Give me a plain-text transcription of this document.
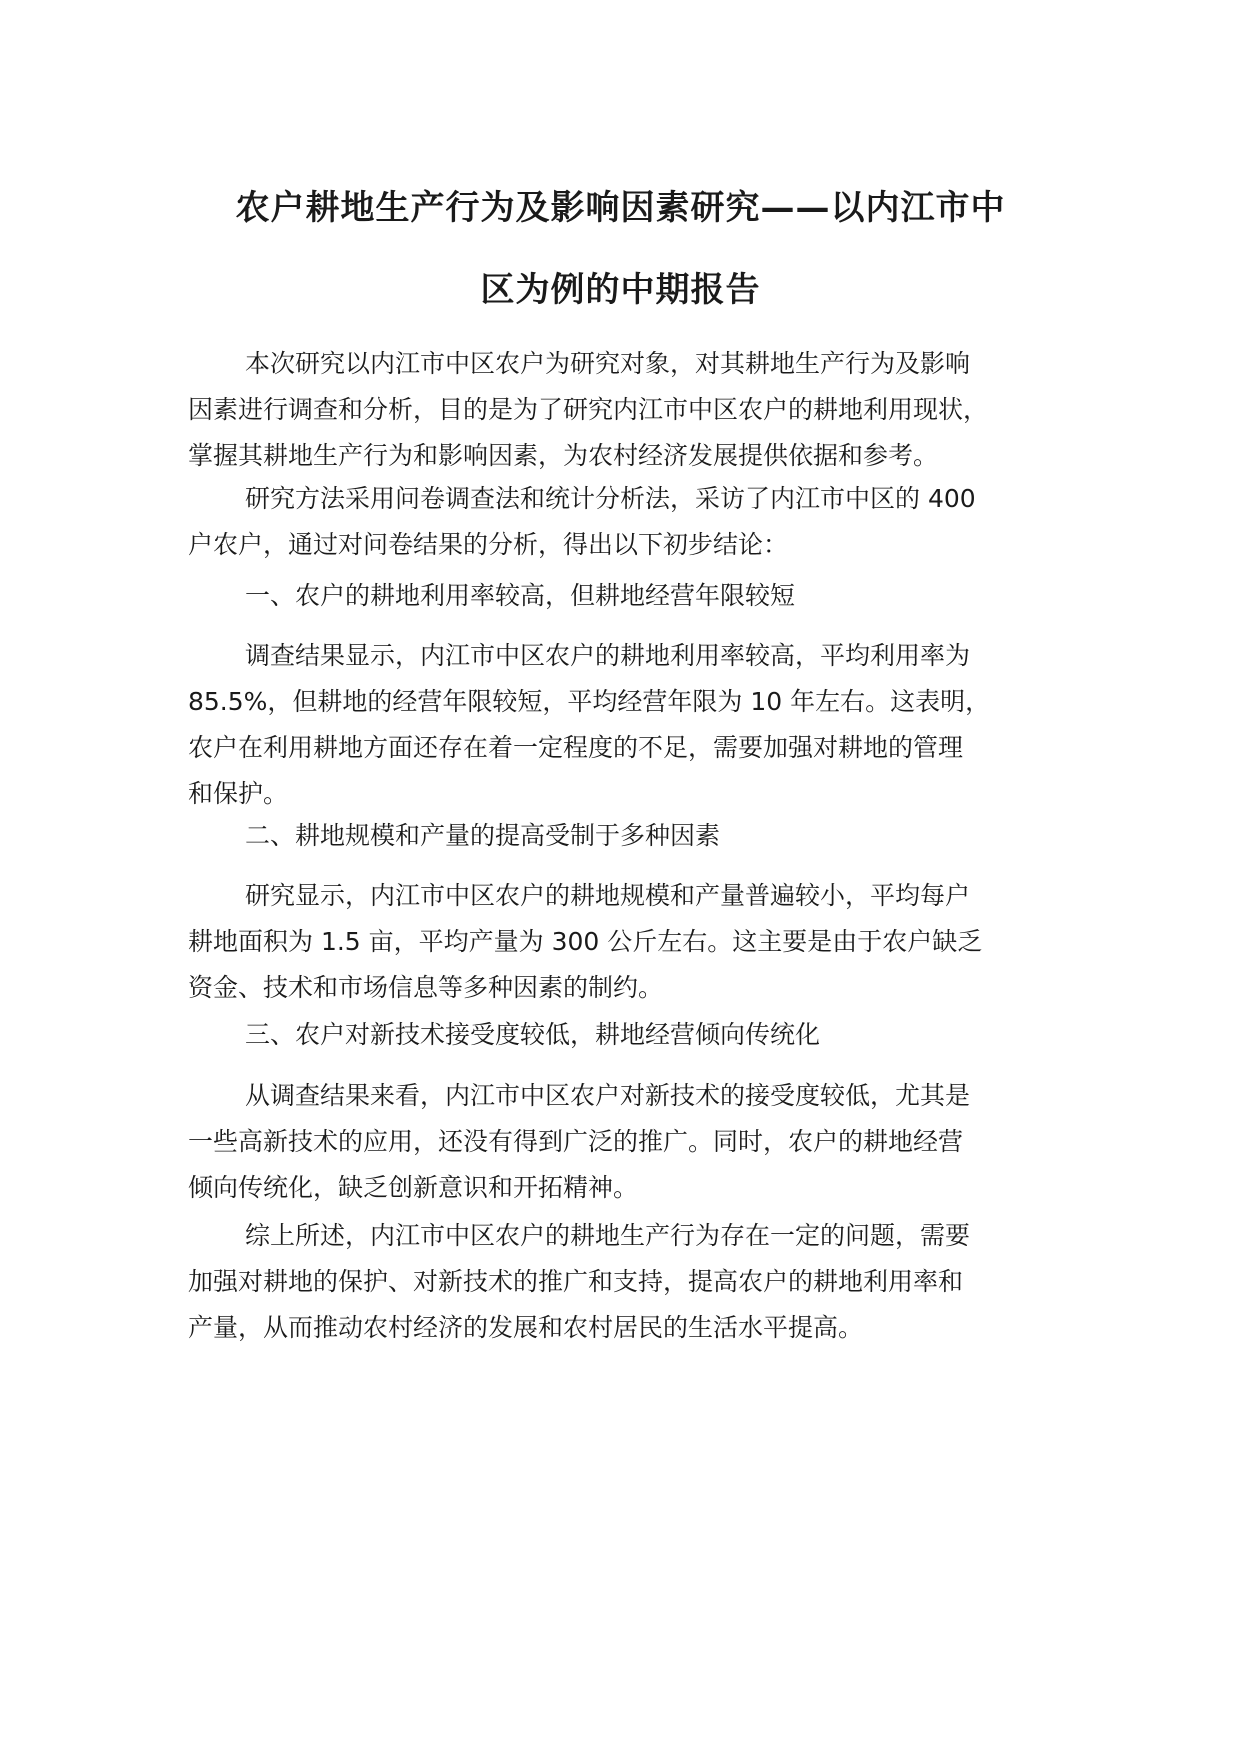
农户耕地生产行为及影响因素研究——以内江市中
区为例的中期报告
本次研究以内江市中区农户为研究对象，对其耕地生产行为及影响
因素进行调查和分析，目的是为了研究内江市中区农户的耕地利用现状，
掌握其耕地生产行为和影响因素，为农村经济发展提供依据和参考。
研究方法采用问卷调查法和统计分析法，采访了内江市中区的 400
户农户，通过对问卷结果的分析，得出以下初步结论：
一、农户的耕地利用率较高，但耕地经营年限较短
调查结果显示，内江市中区农户的耕地利用率较高，平均利用率为
85.5%，但耕地的经营年限较短，平均经营年限为 10 年左右。这表明，
农户在利用耕地方面还存在着一定程度的不足，需要加强对耕地的管理
和保护。
二、耕地规模和产量的提高受制于多种因素
研究显示，内江市中区农户的耕地规模和产量普遍较小，平均每户
耕地面积为 1.5 亩，平均产量为 300 公斤左右。这主要是由于农户缺乏
资金、技术和市场信息等多种因素的制约。
三、农户对新技术接受度较低，耕地经营倾向传统化
从调查结果来看，内江市中区农户对新技术的接受度较低，尤其是
一些高新技术的应用，还没有得到广泛的推广。同时，农户的耕地经营
倾向传统化，缺乏创新意识和开拓精神。
综上所述，内江市中区农户的耕地生产行为存在一定的问题，需要
加强对耕地的保护、对新技术的推广和支持，提高农户的耕地利用率和
产量，从而推动农村经济的发展和农村居民的生活水平提高。
